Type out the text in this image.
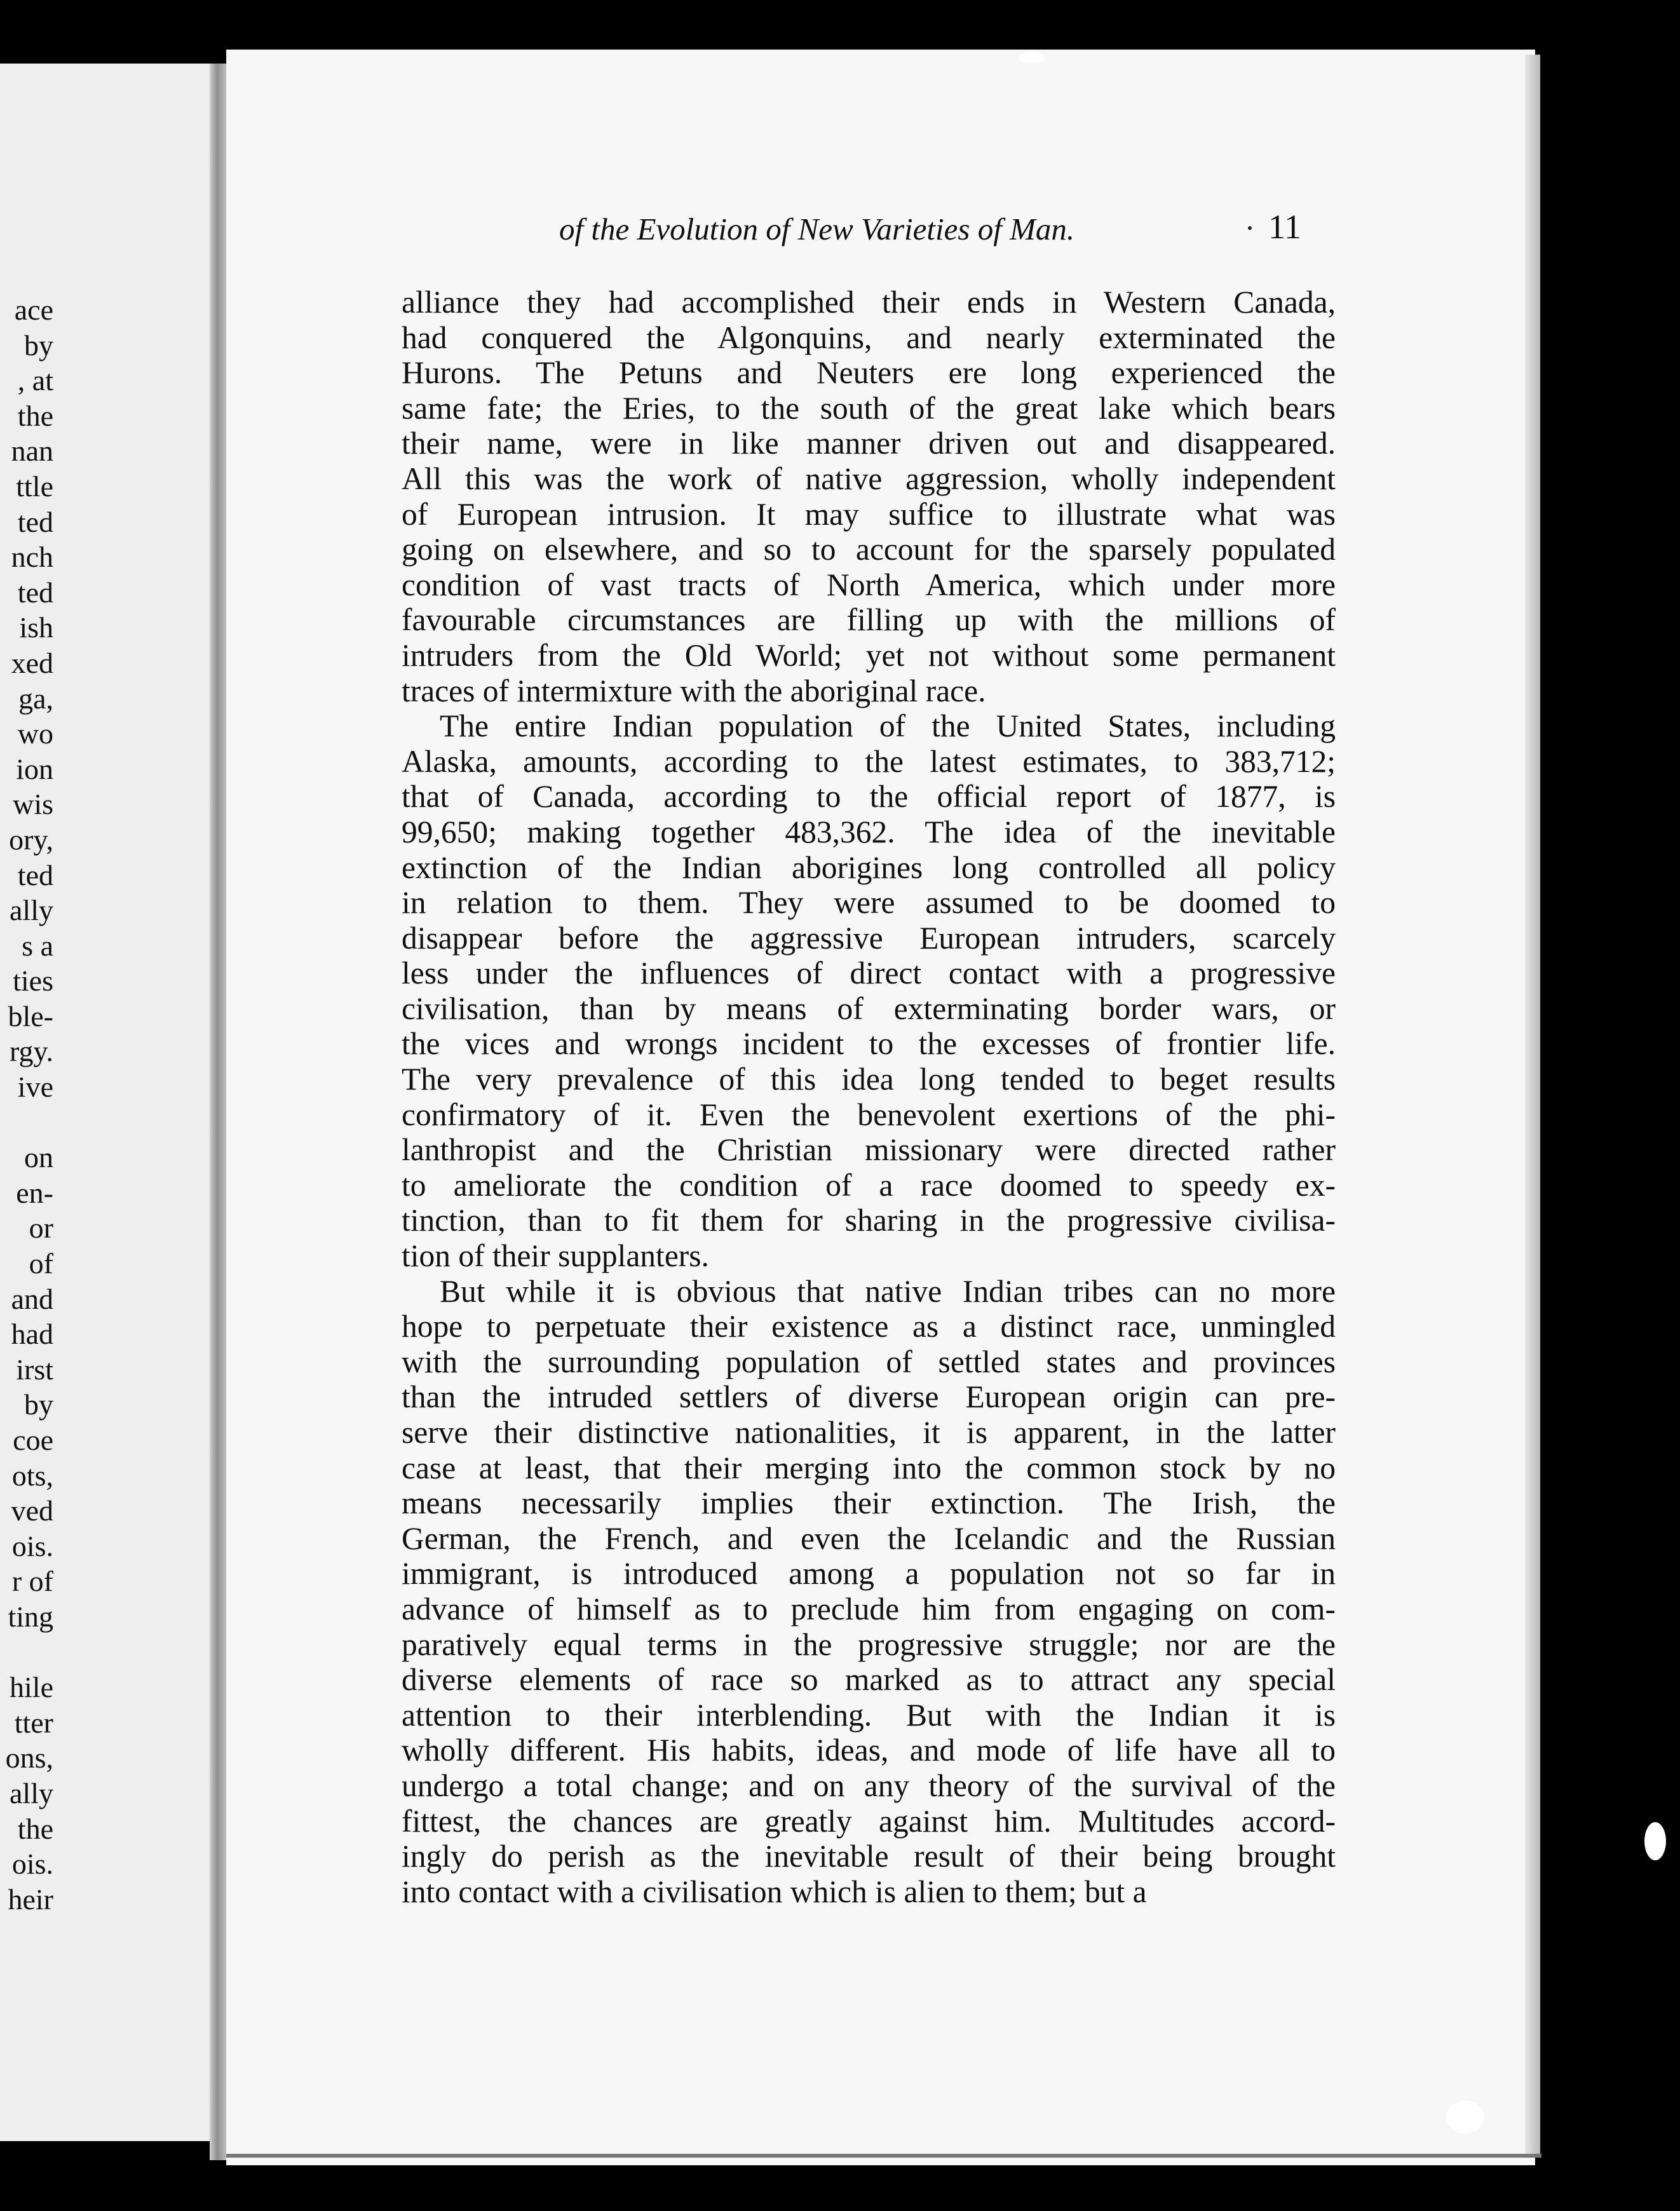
ace
by
, at
the
nan
ttle
ted
nch
ted
ish
xed
ga,
wo
ion
wis
ory,
ted
ally
s a
ties
ble-
rgy.
ive
on
en-
or
of
and
had
irst
by
coe
ots,
ved
ois.
r of
ting
hile
tter
ons,
ally
the
ois.
heir
of the Evolution of New Varieties of Man.	11
alliance they had accomplished their ends in Western Canada,
had conquered the Algonquins, and nearly exterminated the
Hurons. The Petuns and Neuters ere long experienced the
same fate; the Eries, to the south of the great lake which bears
their name, were in like manner driven out and disappeared.
All this was the work of native aggression, wholly independent
of European intrusion. It may suffice to illustrate what was
going on elsewhere, and so to account for the sparsely populated
condition of vast tracts of North America, which under more
favourable circumstances are filling up with the millions of
intruders from the Old World; yet not without some permanent
traces of intermixture with the aboriginal race.
The entire Indian population of the United States, including
Alaska, amounts, according to the latest estimates, to 383,712;
that of Canada, according to the official report of 1877, is
99,650; making together 483,362. The idea of the inevitable
extinction of the Indian aborigines long controlled all policy
in relation to them. They were assumed to be doomed to
disappear before the aggressive European intruders, scarcely
less under the influences of direct contact with a progressive
civilisation, than by means of exterminating border wars, or
the vices and wrongs incident to the excesses of frontier life.
The very prevalence of this idea long tended to beget results
confirmatory of it. Even the benevolent exertions of the phi-
lanthropist and the Christian missionary were directed rather
to ameliorate the condition of a race doomed to speedy ex-
tinction, than to fit them for sharing in the progressive civilisa-
tion of their supplanters.
But while it is obvious that native Indian tribes can no more
hope to perpetuate their existence as a distinct race, unmingled
with the surrounding population of settled states and provinces
than the intruded settlers of diverse European origin can pre-
serve their distinctive nationalities, it is apparent, in the latter
case at least, that their merging into the common stock by no
means necessarily implies their extinction. The Irish, the
German, the French, and even the Icelandic and the Russian
immigrant, is introduced among a population not so far in
advance of himself as to preclude him from engaging on com-
paratively equal terms in the progressive struggle; nor are the
diverse elements of race so marked as to attract any special
attention to their interblending. But with the Indian it is
wholly different. His habits, ideas, and mode of life have all to
undergo a total change; and on any theory of the survival of the
fittest, the chances are greatly against him. Multitudes accord-
ingly do perish as the inevitable result of their being brought
into contact with a civilisation which is alien to them; but a
